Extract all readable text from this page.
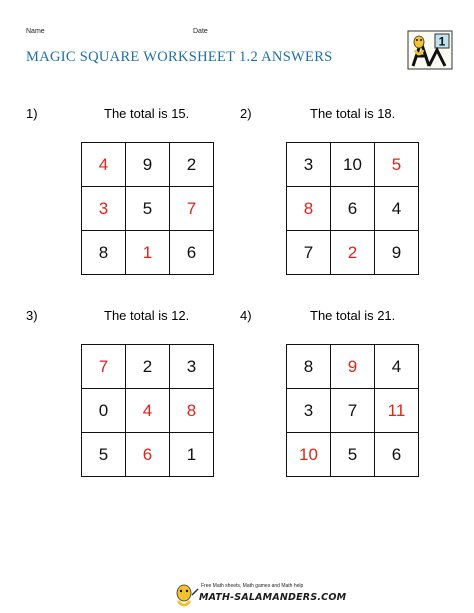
Name	Date
MAGIC SQUARE WORKSHEET 1.2 ANSWERS
1
1)	The total is 15.
4	9	2
3	5	7
8	1	6
2)	The total is 18.
3	10	5
8	6	4
7	2	9
3)	The total is 12.
7	2	3
0	4	8
5	6	1
4)	The total is 21.
8	9	4
3	7	11
10	5	6
Free Math sheets, Math games and Math help
MATH-SALAMANDERS.COM
